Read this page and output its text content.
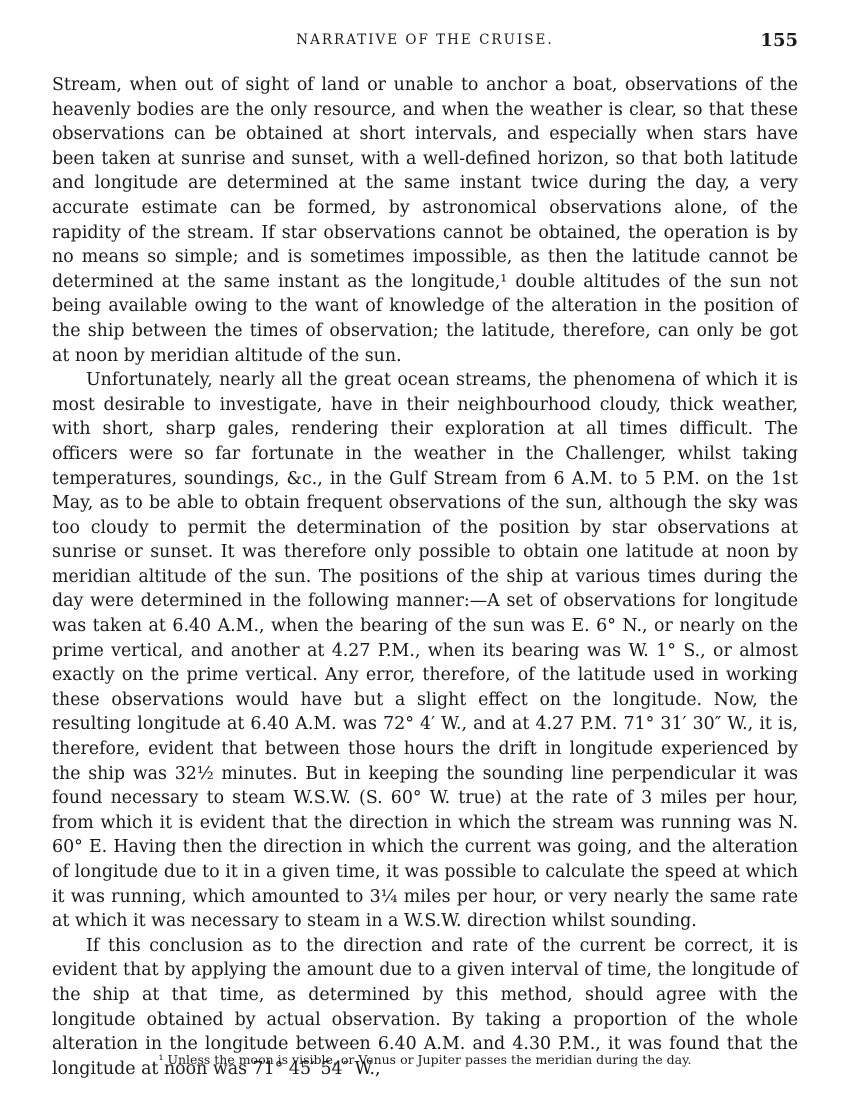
NARRATIVE OF THE CRUISE.	155

Stream, when out of sight of land or unable to anchor a boat, observations of the heavenly bodies are the only resource, and when the weather is clear, so that these observations can be obtained at short intervals, and especially when stars have been taken at sunrise and sunset, with a well-defined horizon, so that both latitude and longitude are determined at the same instant twice during the day, a very accurate estimate can be formed, by astronomical observations alone, of the rapidity of the stream. If star observations cannot be obtained, the operation is by no means so simple; and is sometimes impossible, as then the latitude cannot be determined at the same instant as the longitude,¹ double altitudes of the sun not being available owing to the want of knowledge of the alteration in the position of the ship between the times of observation; the latitude, therefore, can only be got at noon by meridian altitude of the sun.

Unfortunately, nearly all the great ocean streams, the phenomena of which it is most desirable to investigate, have in their neighbourhood cloudy, thick weather, with short, sharp gales, rendering their exploration at all times difficult. The officers were so far fortunate in the weather in the Challenger, whilst taking temperatures, soundings, &c., in the Gulf Stream from 6 A.M. to 5 P.M. on the 1st May, as to be able to obtain frequent observations of the sun, although the sky was too cloudy to permit the determination of the position by star observations at sunrise or sunset. It was therefore only possible to obtain one latitude at noon by meridian altitude of the sun. The positions of the ship at various times during the day were determined in the following manner:—A set of observations for longitude was taken at 6.40 A.M., when the bearing of the sun was E. 6° N., or nearly on the prime vertical, and another at 4.27 P.M., when its bearing was W. 1° S., or almost exactly on the prime vertical. Any error, therefore, of the latitude used in working these observations would have but a slight effect on the longitude. Now, the resulting longitude at 6.40 A.M. was 72° 4′ W., and at 4.27 P.M. 71° 31′ 30″ W., it is, therefore, evident that between those hours the drift in longitude experienced by the ship was 32½ minutes. But in keeping the sounding line perpendicular it was found necessary to steam W.S.W. (S. 60° W. true) at the rate of 3 miles per hour, from which it is evident that the direction in which the stream was running was N. 60° E. Having then the direction in which the current was going, and the alteration of longitude due to it in a given time, it was possible to calculate the speed at which it was running, which amounted to 3¼ miles per hour, or very nearly the same rate at which it was necessary to steam in a W.S.W. direction whilst sounding.

If this conclusion as to the direction and rate of the current be correct, it is evident that by applying the amount due to a given interval of time, the longitude of the ship at that time, as determined by this method, should agree with the longitude obtained by actual observation. By taking a proportion of the whole alteration in the longitude between 6.40 A.M. and 4.30 P.M., it was found that the longitude at noon was 71° 45′ 54″ W.,

¹ Unless the moon is visible, or Venus or Jupiter passes the meridian during the day.
